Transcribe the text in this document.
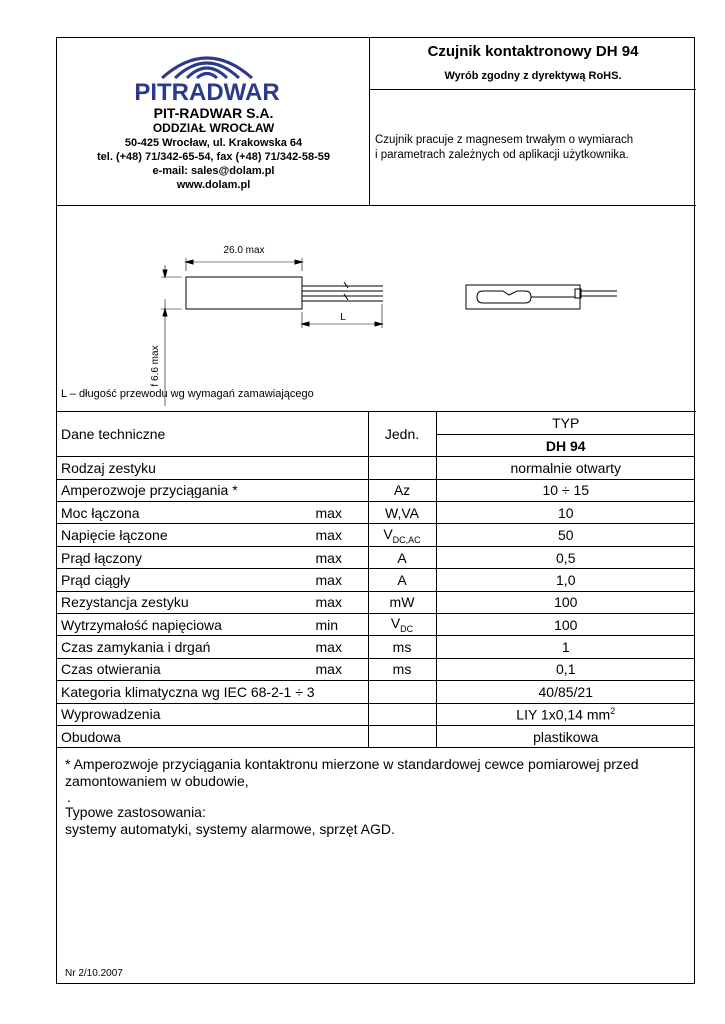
PITRADWAR
PIT-RADWAR S.A.
ODDZIAŁ WROCŁAW
50-425 Wrocław, ul. Krakowska 64
tel. (+48) 71/342-65-54, fax (+48) 71/342-58-59
e-mail: sales@dolam.pl
www.dolam.pl
Czujnik kontaktronowy DH 94
Wyrób zgodny z dyrektywą RoHS.
Czujnik pracuje z magnesem trwałym o wymiarach
i parametrach zależnych od aplikacji użytkownika.
26.0 max
L
f 6.6 max
L – długość przewodu wg wymagań zamawiającego
Dane techniczne	Jedn.	TYP
		DH 94

Rodzaj zestyku		normalnie otwarty

Amperozwoje przyciągania *	Az	10 ÷ 15

Moc łączona max	W,VA	10

Napięcie łączone max	$V_{DC,AC}$	50

Prąd łączony max	A	0,5

Prąd ciągły max	A	1,0

Rezystancja zestyku max	mW	100

Wytrzymałość napięciowa min	$V_{DC}$	100

Czas zamykania i drgań max	ms	1

Czas otwierania max	ms	0,1

Kategoria klimatyczna wg IEC 68-2-1 ÷ 3		40/85/21

Wyprowadzenia		LIY 1x0,14 $mm^2$

Obudowa		plastikowa
* Amperozwoje przyciągania kontaktronu mierzone w standardowej cewce pomiarowej przed
zamontowaniem w obudowie,
.
Typowe zastosowania:
systemy automatyki, systemy alarmowe, sprzęt AGD.
Nr 2/10.2007
